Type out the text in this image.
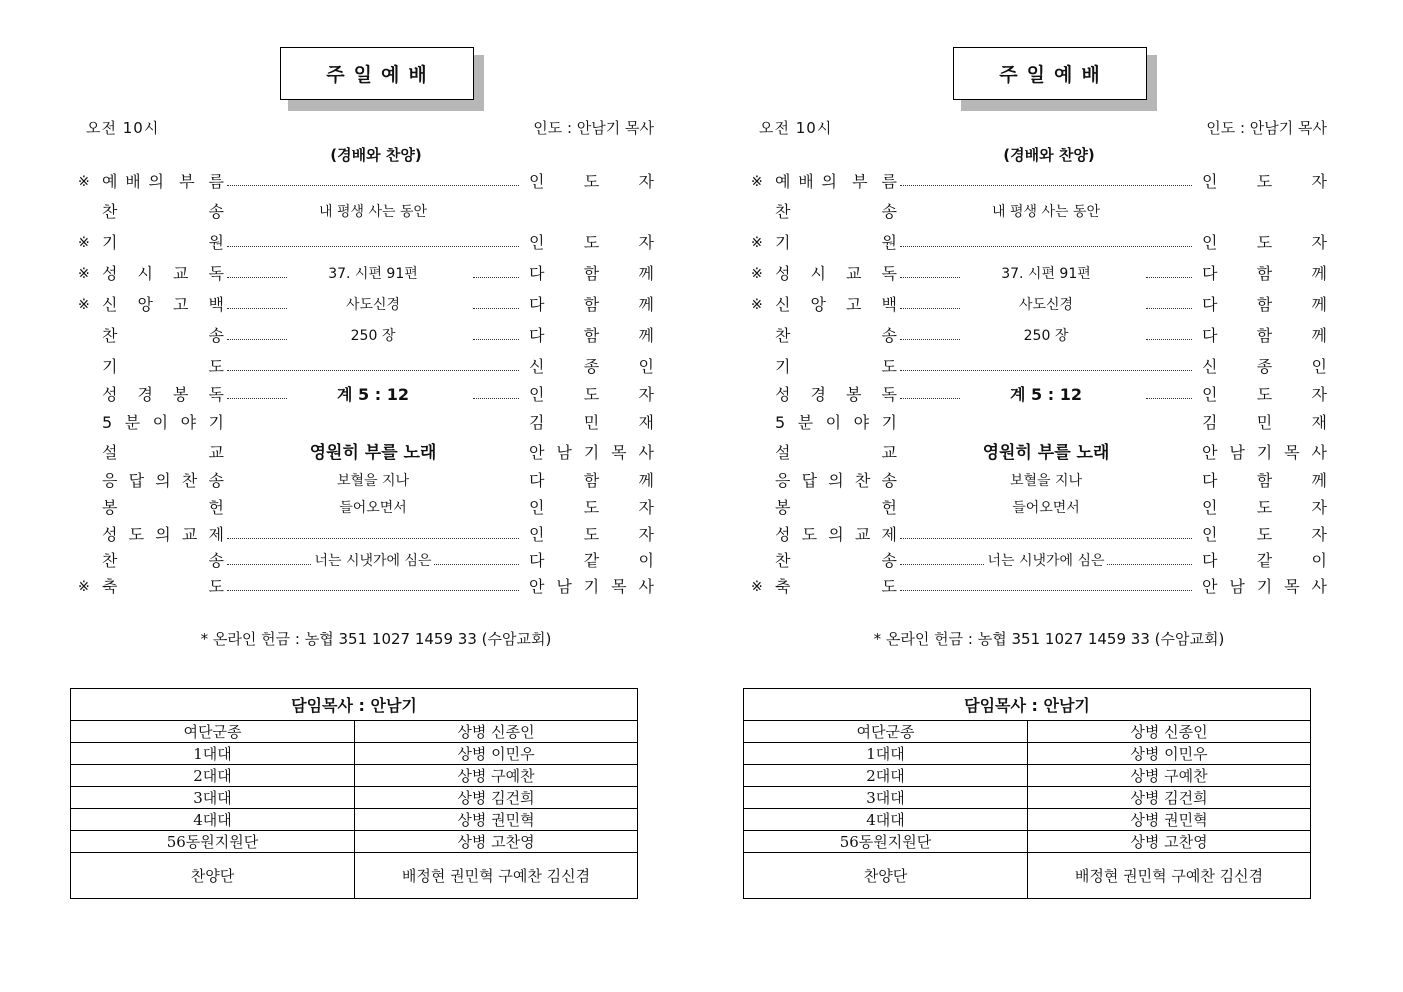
주일예배
오전 10시	인도 : 안남기 목사
(경배와 찬양)
※ 예 배 의 부름	인 도 자
찬	송	내 평생 사는 동안
※ 기	원	인 도 자
※ 성 시 교 독	37. 시편 91편	다 함 께
※ 신 앙 고 백	사도신경	다 함 께
찬	송	250 장	다 함 께
기	도	신 종 인
성 경 봉 독	계 5 : 12	인 도 자
5 분 이 야 기	김 민 재
설	교	영원히 부를 노래	안 남 기 목 사
응 답 의 찬 송	보혈을 지나	다 함 께
봉	헌	들어오면서	인 도 자
성 도 의 교 제	인 도 자
찬	송	너는 시냇가에 심은	다 같 이
※ 축	도	안 남 기 목 사
* 온라인 헌금 : 농협 351 1027 1459 33 (수암교회)
담임목사 : 안남기	
여단군종	상병 신종인
1대대	상병 이민우
2대대	상병 구예찬
3대대	상병 김건희
4대대	상병 권민혁
56동원지원단	상병 고찬영
찬양단	배정현 권민혁 구예찬 김신겸
주일예배
오전 10시	인도 : 안남기 목사
(경배와 찬양)
※ 예 배 의 부름	인 도 자
찬	송	내 평생 사는 동안
※ 기	원	인 도 자
※ 성 시 교 독	37. 시편 91편	다 함 께
※ 신 앙 고 백	사도신경	다 함 께
찬	송	250 장	다 함 께
기	도	신 종 인
성 경 봉 독	계 5 : 12	인 도 자
5 분 이 야 기	김 민 재
설	교	영원히 부를 노래	안 남 기 목 사
응 답 의 찬 송	보혈을 지나	다 함 께
봉	헌	들어오면서	인 도 자
성 도 의 교 제	인 도 자
찬	송	너는 시냇가에 심은	다 같 이
※ 축	도	안 남 기 목 사
* 온라인 헌금 : 농협 351 1027 1459 33 (수암교회)
담임목사 : 안남기	
여단군종	상병 신종인
1대대	상병 이민우
2대대	상병 구예찬
3대대	상병 김건희
4대대	상병 권민혁
56동원지원단	상병 고찬영
찬양단	배정현 권민혁 구예찬 김신겸
